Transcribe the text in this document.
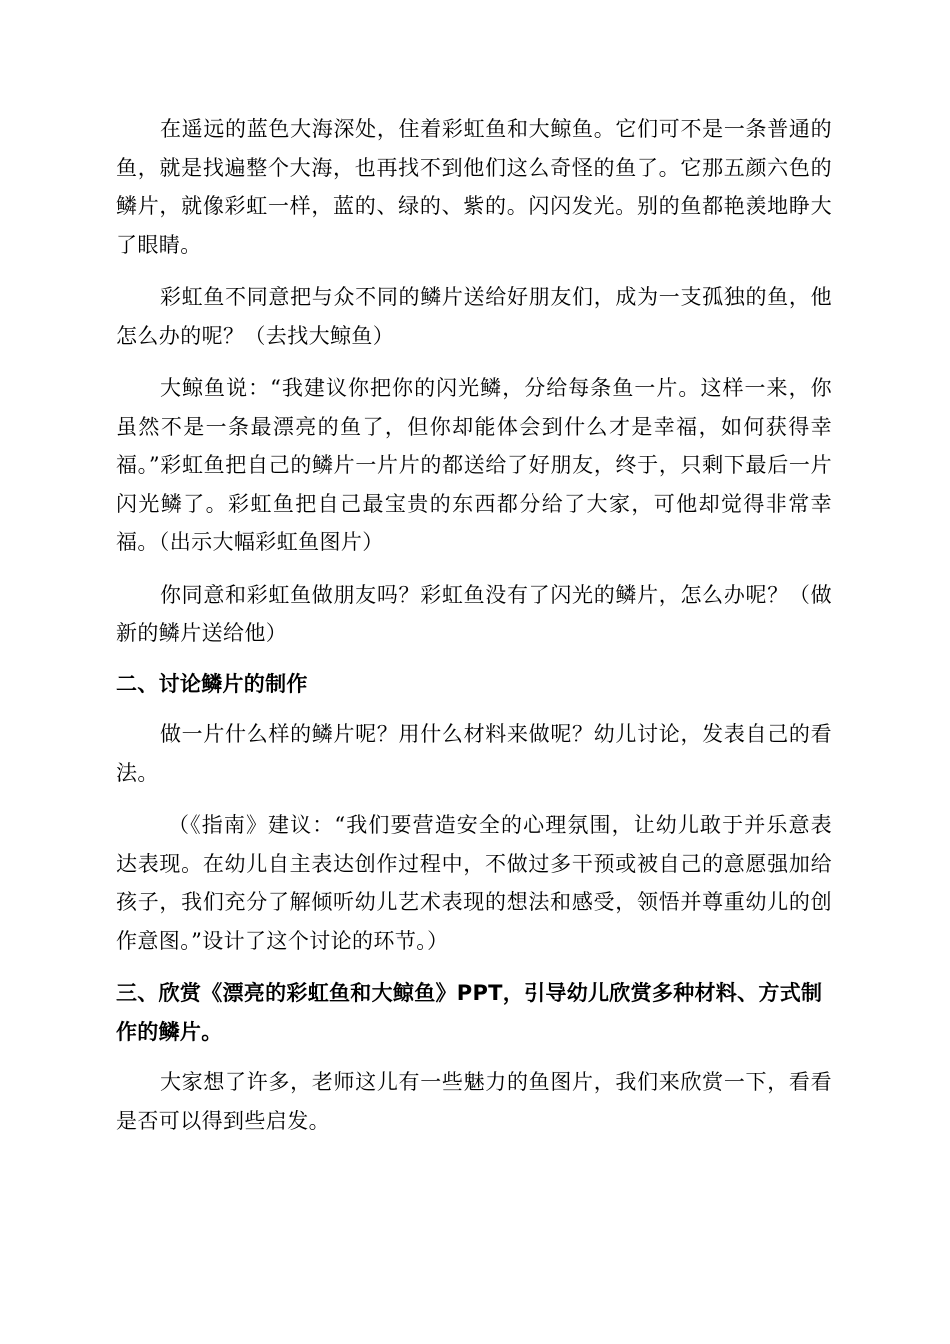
在遥远的蓝色大海深处，住着彩虹鱼和大鲸鱼。它们可不是一条普通的鱼，就是找遍整个大海，也再找不到他们这么奇怪的鱼了。它那五颜六色的鳞片，就像彩虹一样，蓝的、绿的、紫的。闪闪发光。别的鱼都艳羡地睁大了眼睛。

彩虹鱼不同意把与众不同的鳞片送给好朋友们，成为一支孤独的鱼，他怎么办的呢？（去找大鲸鱼）

大鲸鱼说：“我建议你把你的闪光鳞，分给每条鱼一片。这样一来，你虽然不是一条最漂亮的鱼了，但你却能体会到什么才是幸福，如何获得幸福。”彩虹鱼把自己的鳞片一片片的都送给了好朋友，终于，只剩下最后一片闪光鳞了。彩虹鱼把自己最宝贵的东西都分给了大家，可他却觉得非常幸福。（出示大幅彩虹鱼图片）

你同意和彩虹鱼做朋友吗？彩虹鱼没有了闪光的鳞片，怎么办呢？（做新的鳞片送给他）

二、讨论鳞片的制作

做一片什么样的鳞片呢？用什么材料来做呢？幼儿讨论，发表自己的看法。

（《指南》建议：“我们要营造安全的心理氛围，让幼儿敢于并乐意表达表现。在幼儿自主表达创作过程中，不做过多干预或被自己的意愿强加给孩子，我们充分了解倾听幼儿艺术表现的想法和感受，领悟并尊重幼儿的创作意图。”设计了这个讨论的环节。）

三、欣赏《漂亮的彩虹鱼和大鲸鱼》PPT，引导幼儿欣赏多种材料、方式制作的鳞片。

大家想了许多，老师这儿有一些魅力的鱼图片，我们来欣赏一下，看看是否可以得到些启发。
